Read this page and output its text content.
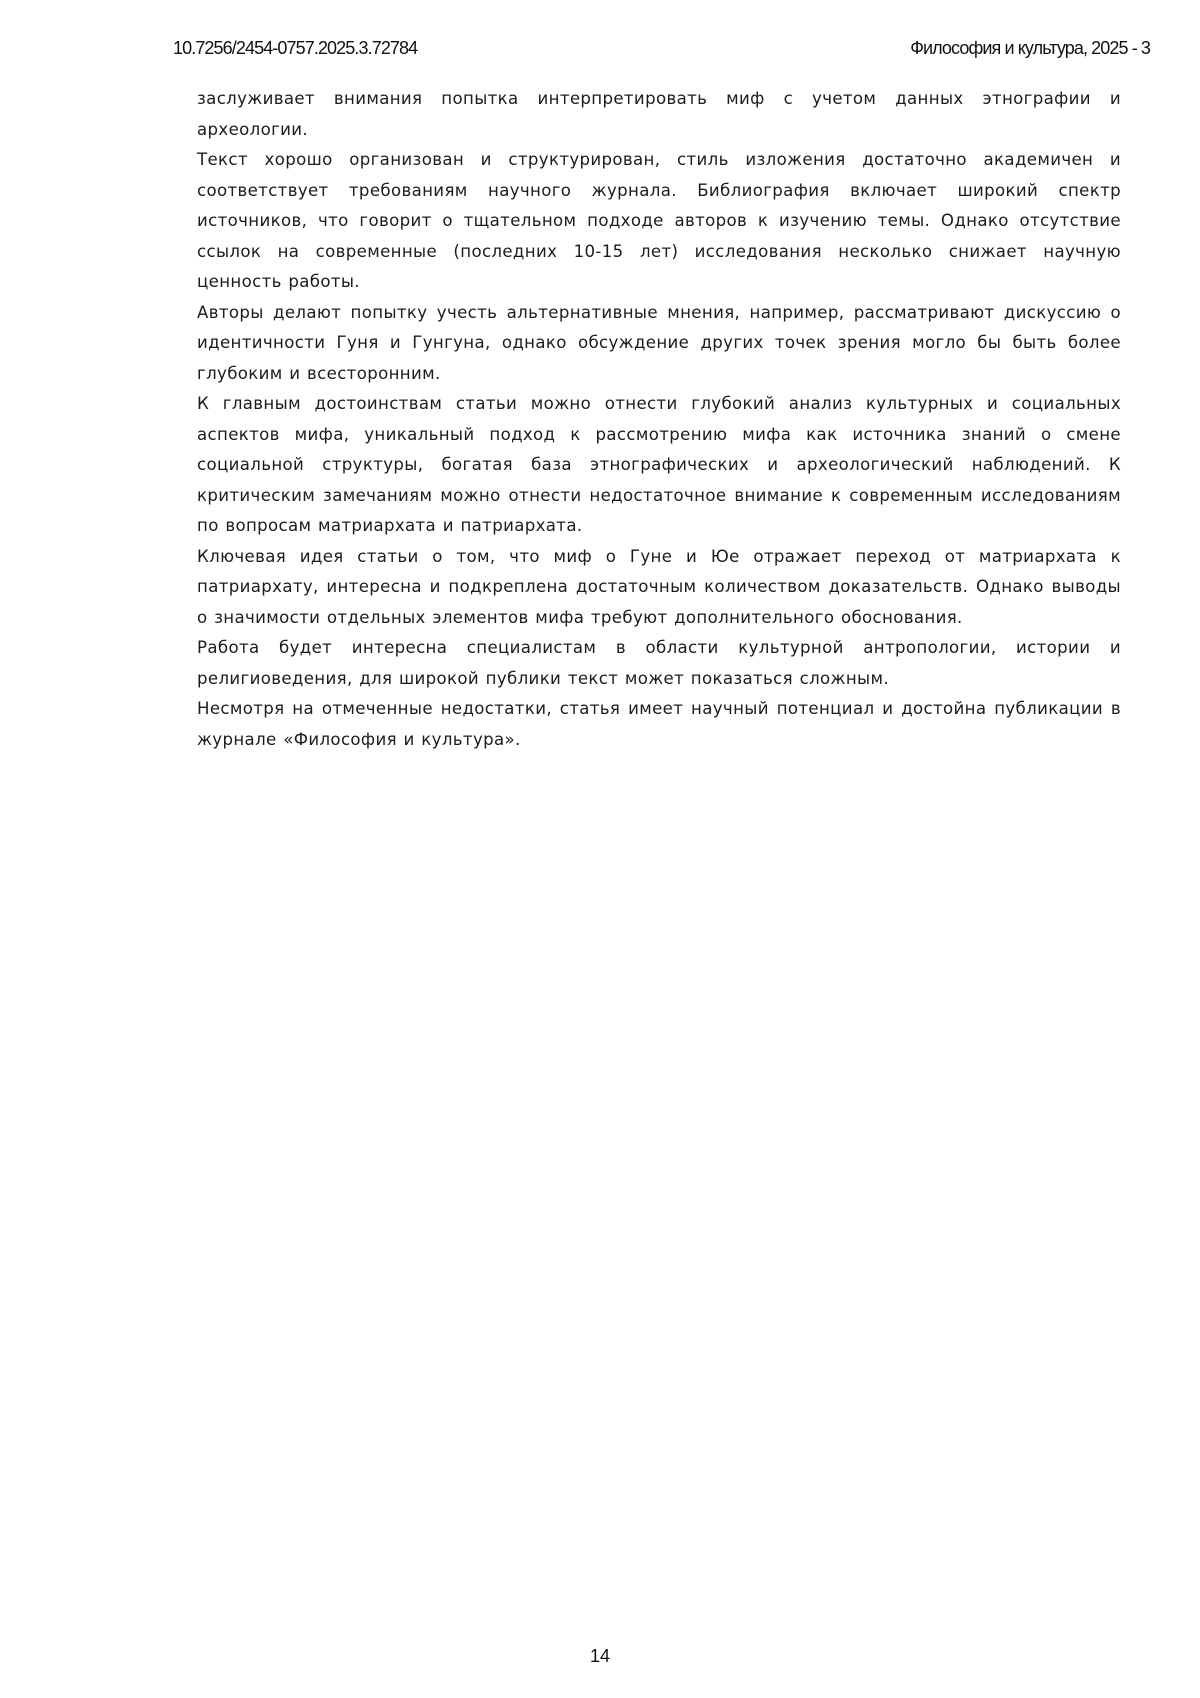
10.7256/2454-0757.2025.3.72784	Философия и культура, 2025 - 3

заслуживает внимания попытка интерпретировать миф с учетом данных этнографии и археологии.

Текст хорошо организован и структурирован, стиль изложения достаточно академичен и соответствует требованиям научного журнала. Библиография включает широкий спектр источников, что говорит о тщательном подходе авторов к изучению темы. Однако отсутствие ссылок на современные (последних 10-15 лет) исследования несколько снижает научную ценность работы.

Авторы делают попытку учесть альтернативные мнения, например, рассматривают дискуссию о идентичности Гуня и Гунгуна, однако обсуждение других точек зрения могло бы быть более глубоким и всесторонним.

К главным достоинствам статьи можно отнести глубокий анализ культурных и социальных аспектов мифа, уникальный подход к рассмотрению мифа как источника знаний о смене социальной структуры, богатая база этнографических и археологический наблюдений. К критическим замечаниям можно отнести недостаточное внимание к современным исследованиям по вопросам матриархата и патриархата.

Ключевая идея статьи о том, что миф о Гуне и Юе отражает переход от матриархата к патриархату, интересна и подкреплена достаточным количеством доказательств. Однако выводы о значимости отдельных элементов мифа требуют дополнительного обоснования.

Работа будет интересна специалистам в области культурной антропологии, истории и религиоведения, для широкой публики текст может показаться сложным.

Несмотря на отмеченные недостатки, статья имеет научный потенциал и достойна публикации в журнале «Философия и культура».

14
